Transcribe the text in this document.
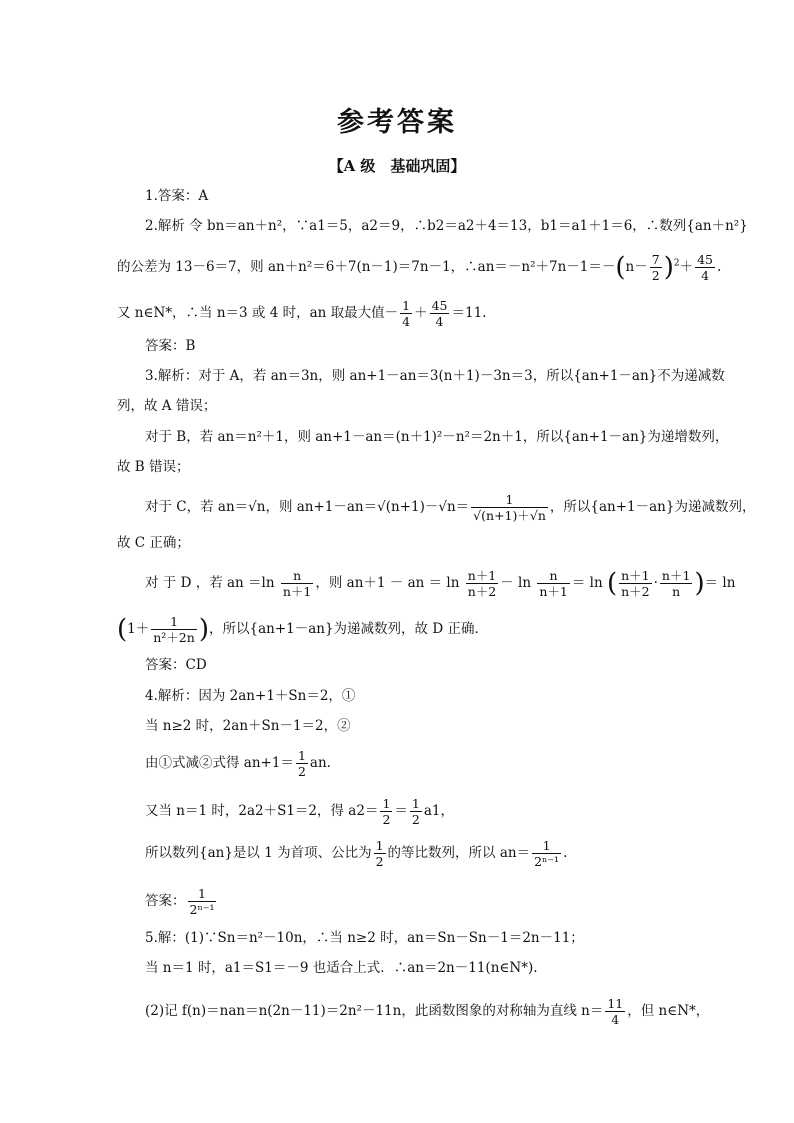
参考答案
【A 级　基础巩固】
1.答案：A
2.解析 令 bn＝an＋n²，∵a1＝5，a2＝9，∴b2＝a2＋4＝13，b1＝a1＋1＝6，∴数列{an＋n²}
的公差为 13－6＝7，则 an＋n²＝6＋7(n－1)＝7n－1，∴an＝－n²＋7n－1＝－(n－ $\frac{7}{2} )^2+ \frac{45}{4}$ .
又 n∈N*，∴当 n＝3 或 4 时，an 取最大值－ $\frac{1}{4} + \frac{45}{4} =11$.
答案：B
3.解析：对于 A，若 an＝3n，则 an+1－an＝3(n＋1)－3n＝3，所以{an+1－an}不为递减数
列，故 A 错误；
对于 B，若 an＝n²＋1，则 an+1－an＝(n＋1)²－n²＝2n＋1，所以{an+1－an}为递增数列，
故 B 错误；
对于 C，若 an＝√n，则 $an+1-an=√(n+1)-√n= \frac{1}{√(n+1)+√n}$ ，所以{an+1－an}为递减数列，
故 C 正确；
对 于 D ，若 an $=\ln \frac{n}{n+1}$ ，则 an＋1 － an ＝ $\ln \frac{n+1}{n+2} - \ln \frac{n}{n+1} = \ln$ ( $\frac{n+1}{n+2} \cdot \frac{n+1}{n}$ )＝ ln
($1+ \frac{1}{\text{n²＋2n}}$ )，所以{an+1－an}为递减数列，故 D 正确．
答案：CD
4.解析：因为 2an+1＋Sn＝2，①
当 n≥2 时，2an＋Sn－1＝2，②
由①式减②式得 $an+1= \frac{1}{2}$ an.
又当 n＝1 时，2a2＋S1＝2，得 $a2= \frac{1}{2} = \frac{1}{2} a1$，
所以数列{an}是以 1 为首项、公比为 $\frac{1}{2}$ 的等比数列，所以 $an= \frac{1}{\text{2ⁿ⁻¹}}$ .
答案： $\frac{1}{\text{2ⁿ⁻¹}}$
5.解：(1)∵Sn＝n²－10n，∴当 n≥2 时，an＝Sn－Sn－1＝2n－11；
当 n＝1 时，a1＝S1＝－9 也适合上式．∴an＝2n－11(n∈N*).
(2)记 f(n)＝nan＝n(2n－11)＝2n²－11n，此函数图象的对称轴为直线 $n= \frac{11}{4}$ ，但 n∈N*，
